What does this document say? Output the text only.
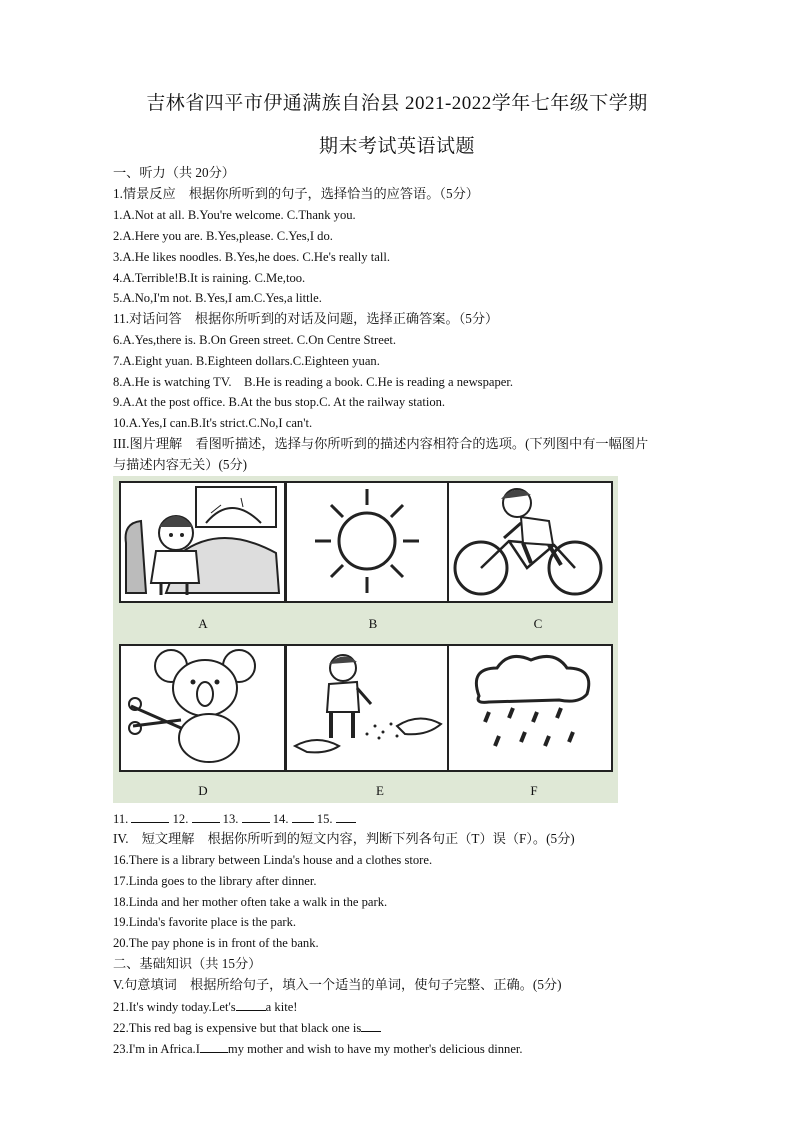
吉林省四平市伊通满族自治县 2021-2022学年七年级下学期
期末考试英语试题
一、听力（共 20分）
1.情景反应　根据你所听到的句子，选择恰当的应答语。（5分）
1.A.Not at all. B.You're welcome. C.Thank you.
2.A.Here you are. B.Yes,please. C.Yes,I do.
3.A.He likes noodles. B.Yes,he does. C.He's really tall.
4.A.Terrible!B.It is raining. C.Me,too.
5.A.No,I'm not. B.Yes,I am.C.Yes,a little.
11.对话问答　根据你所听到的对话及问题，选择正确答案。（5分）
6.A.Yes,there is. B.On Green street. C.On Centre Street.
7.A.Eight yuan. B.Eighteen dollars.C.Eighteen yuan.
8.A.He is watching TV.　B.He is reading a book. C.He is reading a newspaper.
9.A.At the post office. B.At the bus stop.C. At the railway station.
10.A.Yes,I can.B.It's strict.C.No,I can't.
III.图片理解　看图听描述，选择与你所听到的描述内容相符合的选项。(下列图中有一幅图片
与描述内容无关）(5分)
A	B	C
D	E	F
11.	12.	13.	14. 15.
IV.　短文理解　根据你所听到的短文内容，判断下列各句正（T）误（F）。(5分)
16.There is a library between Linda's house and a clothes store.
17.Linda goes to the library after dinner.
18.Linda and her mother often take a walk in the park.
19.Linda's favorite place is the park.
20.The pay phone is in front of the bank.
二、基础知识（共 15分）
V.句意填词　根据所给句子，填入一个适当的单词，使句子完整、正确。(5分)
21.It's windy today.Let's a kite!
22.This red bag is expensive but that black one is
23.I'm in Africa.I my mother and wish to have my mother's delicious dinner.
